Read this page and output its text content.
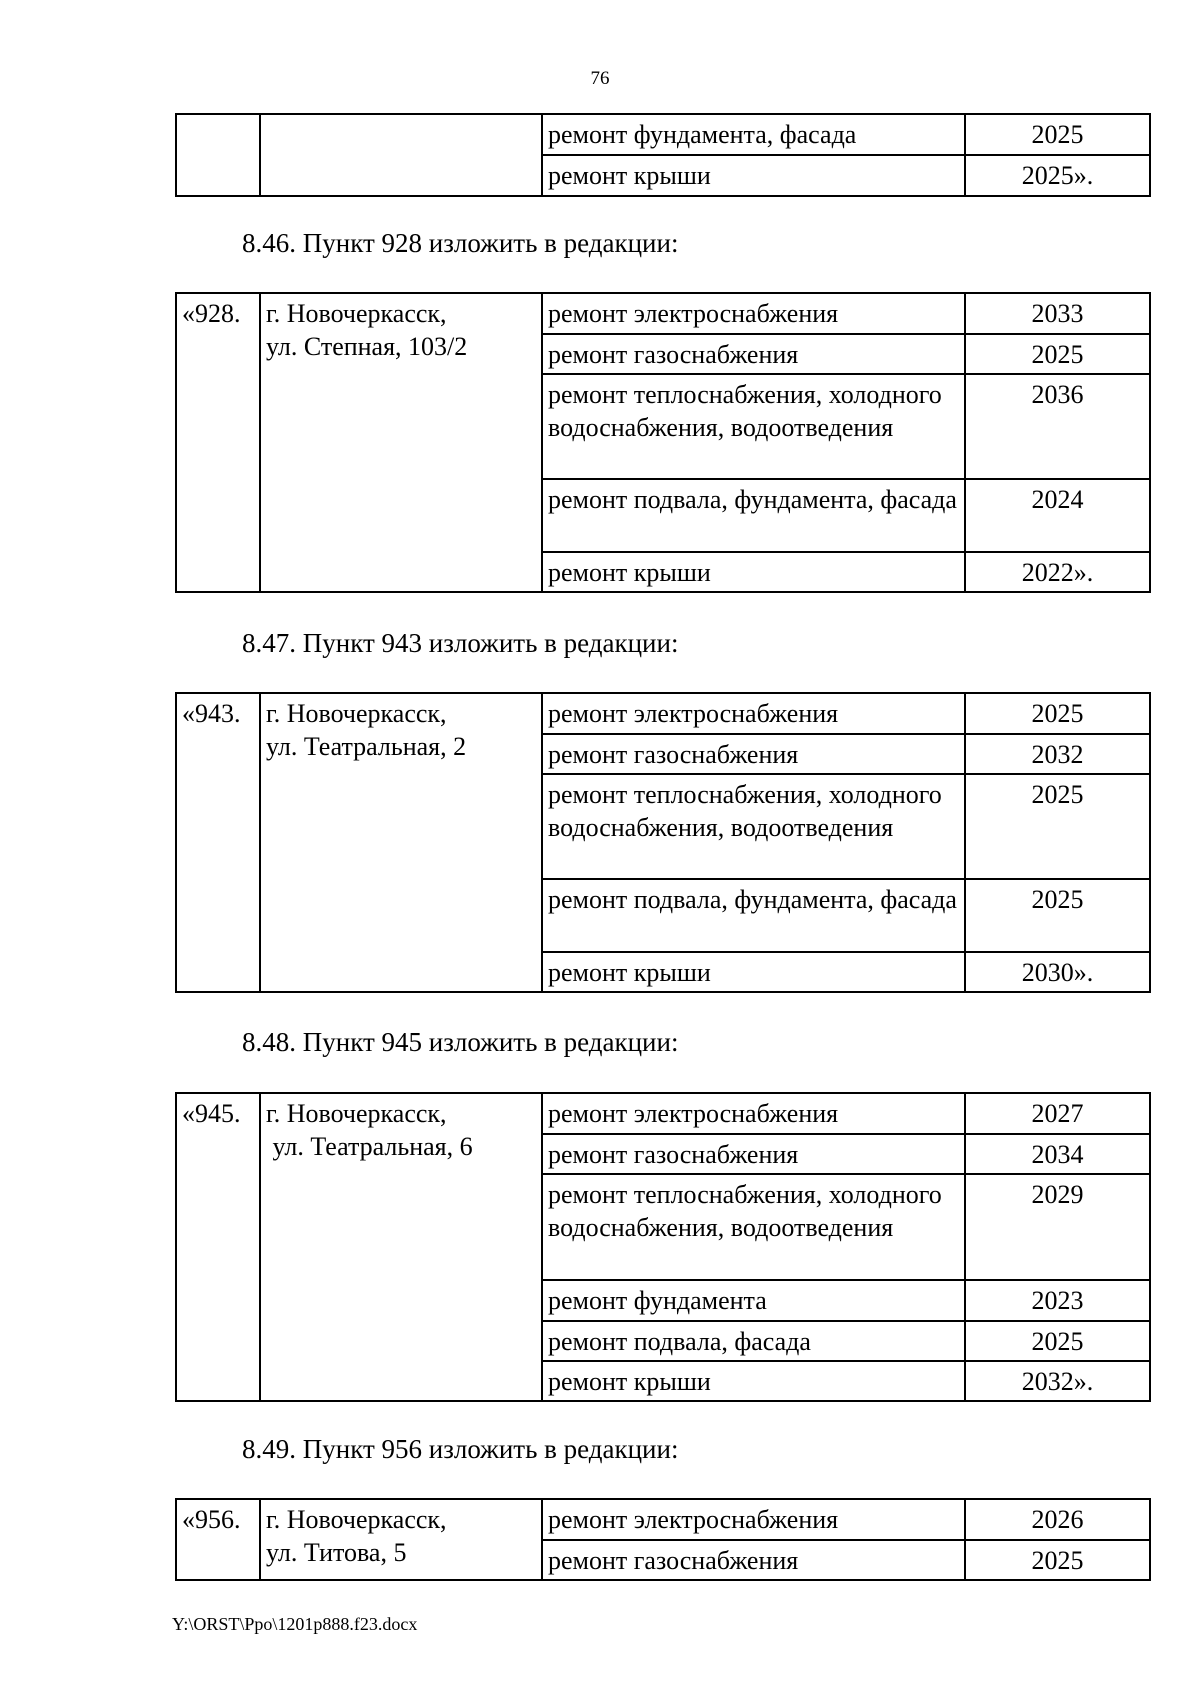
76
		ремонт фундамента, фасада	2025
		ремонт крыши	2025».
8.46. Пункт 928 изложить в редакции:
«928.	г. Новочеркасск,
ул. Степная, 103/2	ремонт электроснабжения	2033
		ремонт газоснабжения	2025
		ремонт теплоснабжения, холодного водоснабжения, водоотведения	2036
		ремонт подвала, фундамента, фасада	2024
		ремонт крыши	2022».
8.47. Пункт 943 изложить в редакции:
«943.	г. Новочеркасск,
ул. Театральная, 2	ремонт электроснабжения	2025
		ремонт газоснабжения	2032
		ремонт теплоснабжения, холодного водоснабжения, водоотведения	2025
		ремонт подвала, фундамента, фасада	2025
		ремонт крыши	2030».
8.48. Пункт 945 изложить в редакции:
«945.	г. Новочеркасск,
ул. Театральная, 6	ремонт электроснабжения	2027
		ремонт газоснабжения	2034
		ремонт теплоснабжения, холодного водоснабжения, водоотведения	2029
		ремонт фундамента	2023
		ремонт подвала, фасада	2025
		ремонт крыши	2032».
8.49. Пункт 956 изложить в редакции:
«956.	г. Новочеркасск,
ул. Титова, 5	ремонт электроснабжения	2026
		ремонт газоснабжения	2025
Y:\ORST\Ppo\1201p888.f23.docx
